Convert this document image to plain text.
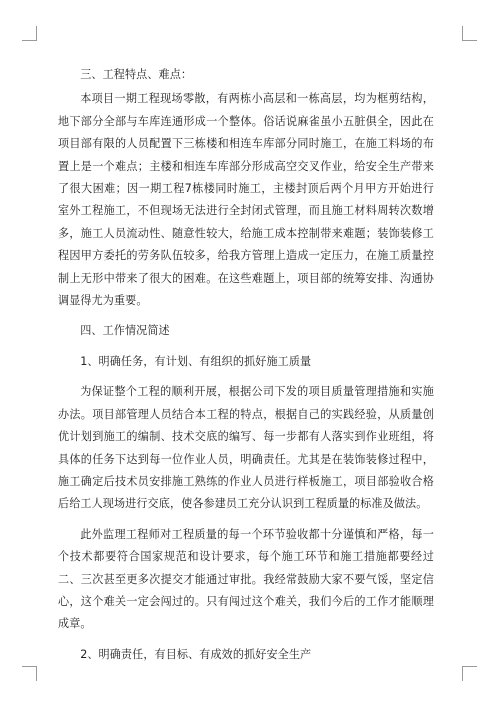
三、工程特点、难点：

本项目一期工程现场零散，有两栋小高层和一栋高层，均为框剪结构，地下部分全部与车库连通形成一个整体。俗话说麻雀虽小五脏俱全，因此在项目部有限的人员配置下三栋楼和相连车库部分同时施工，在施工料场的布置上是一个难点；主楼和相连车库部分形成高空交叉作业，给安全生产带来了很大困难；因一期工程7栋楼同时施工，主楼封顶后两个月甲方开始进行室外工程施工，不但现场无法进行全封闭式管理，而且施工材料周转次数增多，施工人员流动性、随意性较大，给施工成本控制带来难题；装饰装修工程因甲方委托的劳务队伍较多，给我方管理上造成一定压力，在施工质量控制上无形中带来了很大的困难。在这些难题上，项目部的统筹安排、沟通协调显得尤为重要。

四、工作情况简述

1、明确任务，有计划、有组织的抓好施工质量

为保证整个工程的顺利开展，根据公司下发的项目质量管理措施和实施办法。项目部管理人员结合本工程的特点，根据自己的实践经验，从质量创优计划到施工的编制、技术交底的编写、每一步都有人落实到作业班组，将具体的任务下达到每一位作业人员，明确责任。尤其是在装饰装修过程中，施工确定后技术员安排施工熟练的作业人员进行样板施工，项目部验收合格后给工人现场进行交底，使各参建员工充分认识到工程质量的标准及做法。

此外监理工程师对工程质量的每一个环节验收都十分谨慎和严格，每一个技术都要符合国家规范和设计要求，每个施工环节和施工措施都要经过二、三次甚至更多次提交才能通过审批。我经常鼓励大家不要气馁，坚定信心，这个难关一定会闯过的。只有闯过这个难关，我们今后的工作才能顺理成章。

2、明确责任，有目标、有成效的抓好安全生产
